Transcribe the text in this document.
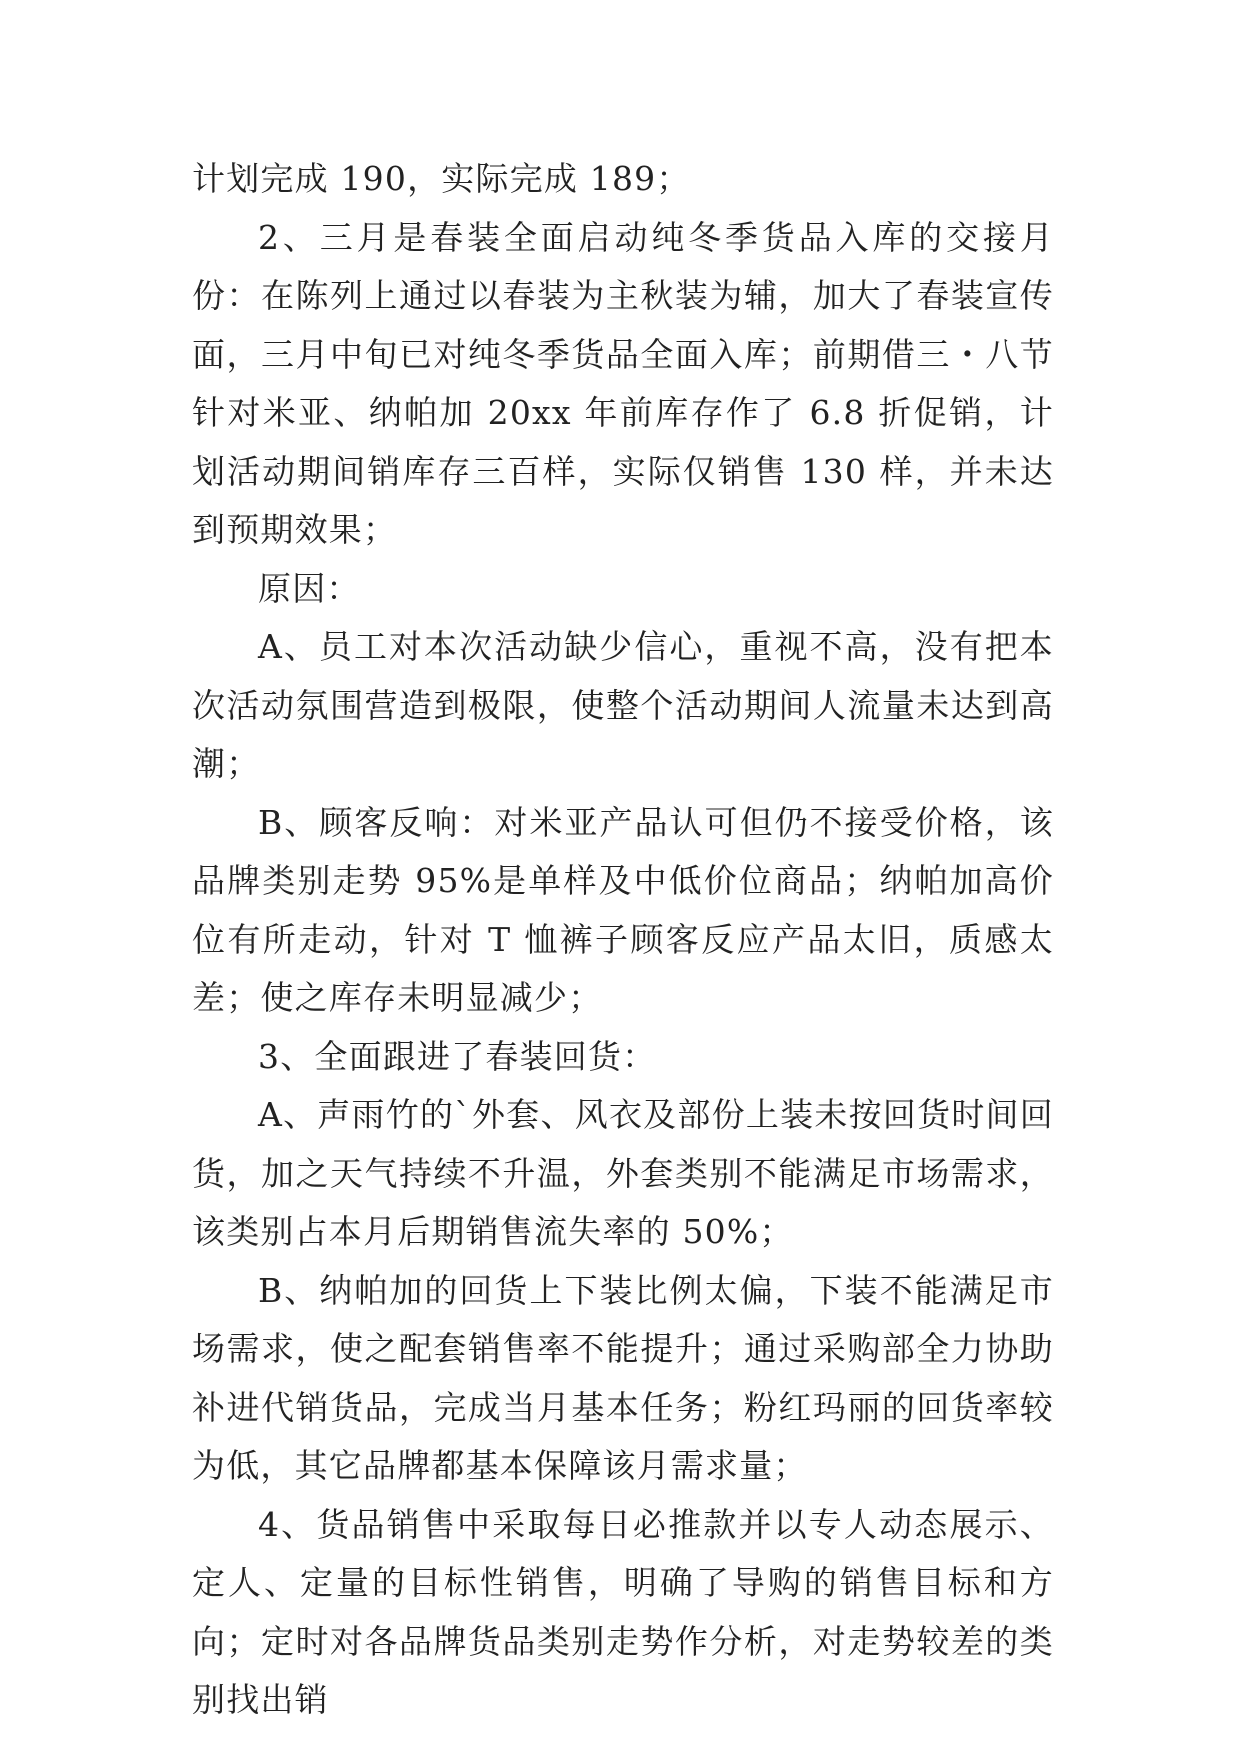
计划完成 190，实际完成 189；

2、三月是春装全面启动纯冬季货品入库的交接月份：在陈列上通过以春装为主秋装为辅，加大了春装宣传面，三月中旬已对纯冬季货品全面入库；前期借三・八节针对米亚、纳帕加 20xx 年前库存作了 6.8 折促销，计划活动期间销库存三百样，实际仅销售 130 样，并未达到预期效果；

原因：

A、员工对本次活动缺少信心，重视不高，没有把本次活动氛围营造到极限，使整个活动期间人流量未达到高潮；

B、顾客反响：对米亚产品认可但仍不接受价格，该品牌类别走势 95%是单样及中低价位商品；纳帕加高价位有所走动，针对 T 恤裤子顾客反应产品太旧，质感太差；使之库存未明显减少；

3、全面跟进了春装回货：

A、声雨竹的`外套、风衣及部份上装未按回货时间回货，加之天气持续不升温，外套类别不能满足市场需求，该类别占本月后期销售流失率的 50%；

B、纳帕加的回货上下装比例太偏，下装不能满足市场需求，使之配套销售率不能提升；通过采购部全力协助补进代销货品，完成当月基本任务；粉红玛丽的回货率较为低，其它品牌都基本保障该月需求量；

4、货品销售中采取每日必推款并以专人动态展示、定人、定量的目标性销售，明确了导购的销售目标和方向；定时对各品牌货品类别走势作分析，对走势较差的类别找出销
